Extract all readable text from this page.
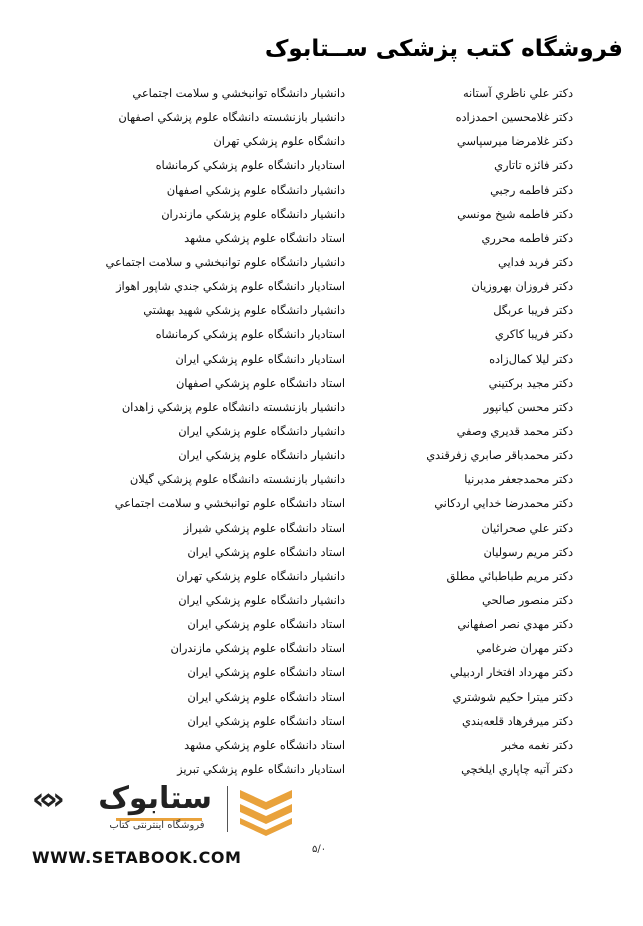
فروشگاه کتب پزشکی ســتابوک
دکتر علي ناظري آستانه
دانشیار دانشگاه توانبخشي و سلامت اجتماعي
دکتر غلامحسین احمدزاده
دانشیار بازنشسته دانشگاه علوم پزشكي اصفهان
دکتر غلامرضا میرسپاسي
دانشگاه علوم پزشكي تهران
دکتر فائزه تاتاري
استادیار دانشگاه علوم پزشكي كرمانشاه
دکتر فاطمه رجبي
دانشیار دانشگاه علوم پزشكي اصفهان
دکتر فاطمه شیخ مونسي
دانشیار دانشگاه علوم پزشكي مازندران
دکتر فاطمه محرري
استاد دانشگاه علوم پزشكي مشهد
دکتر فربد فدایي
دانشیار دانشگاه علوم توانبخشي و سلامت اجتماعي
دکتر فروزان بهروزیان
استادیار دانشگاه علوم پزشكي جندي شاپور اهواز
دکتر فریبا عربگل
دانشیار دانشگاه علوم پزشكي شهید بهشتي
دکتر فریبا کاکري
استادیار دانشگاه علوم پزشكي كرمانشاه
دکتر لیلا کمال‌زاده
استادیار دانشگاه علوم پزشكي ایران
دکتر مجید برکتیني
استاد دانشگاه علوم پزشكي اصفهان
دکتر محسن کیانپور
دانشیار بازنشسته دانشگاه علوم پزشكي زاهدان
دکتر محمد قدیري وصفي
دانشیار دانشگاه علوم پزشكي ایران
دکتر محمدباقر صابري زفرقندي
دانشیار دانشگاه علوم پزشكي ایران
دکتر محمدجعفر مدبرنیا
دانشیار بازنشسته دانشگاه علوم پزشكي گیلان
دکتر محمدرضا خدایي اردکاني
استاد دانشگاه علوم توانبخشي و سلامت اجتماعي
دکتر علي صحرائیان
استاد دانشگاه علوم پزشكي شیراز
دکتر مریم رسولیان
استاد دانشگاه علوم پزشكي ایران
دکتر مریم طباطبائي مطلق
دانشیار دانشگاه علوم پزشكي تهران
دکتر منصور صالحي
دانشیار دانشگاه علوم پزشكي ایران
دکتر مهدي نصر اصفهاني
استاد دانشگاه علوم پزشكي ایران
دکتر مهران ضرغامي
استاد دانشگاه علوم پزشكي مازندران
دکتر مهرداد افتخار اردبیلي
استاد دانشگاه علوم پزشكي ایران
دکتر میترا حکیم شوشتري
استاد دانشگاه علوم پزشكي ایران
دکتر میرفرهاد قلعه‌بندي
استاد دانشگاه علوم پزشكي ایران
دکتر نغمه مخبر
استاد دانشگاه علوم پزشكي مشهد
دکتر آتیه چاپاري ایلخچي
استادیار دانشگاه علوم پزشكي تبریز
«» ستابوک
فروشگاه اینترنتی کتاب
WWW.SETABOOK.COM	۵/۰
